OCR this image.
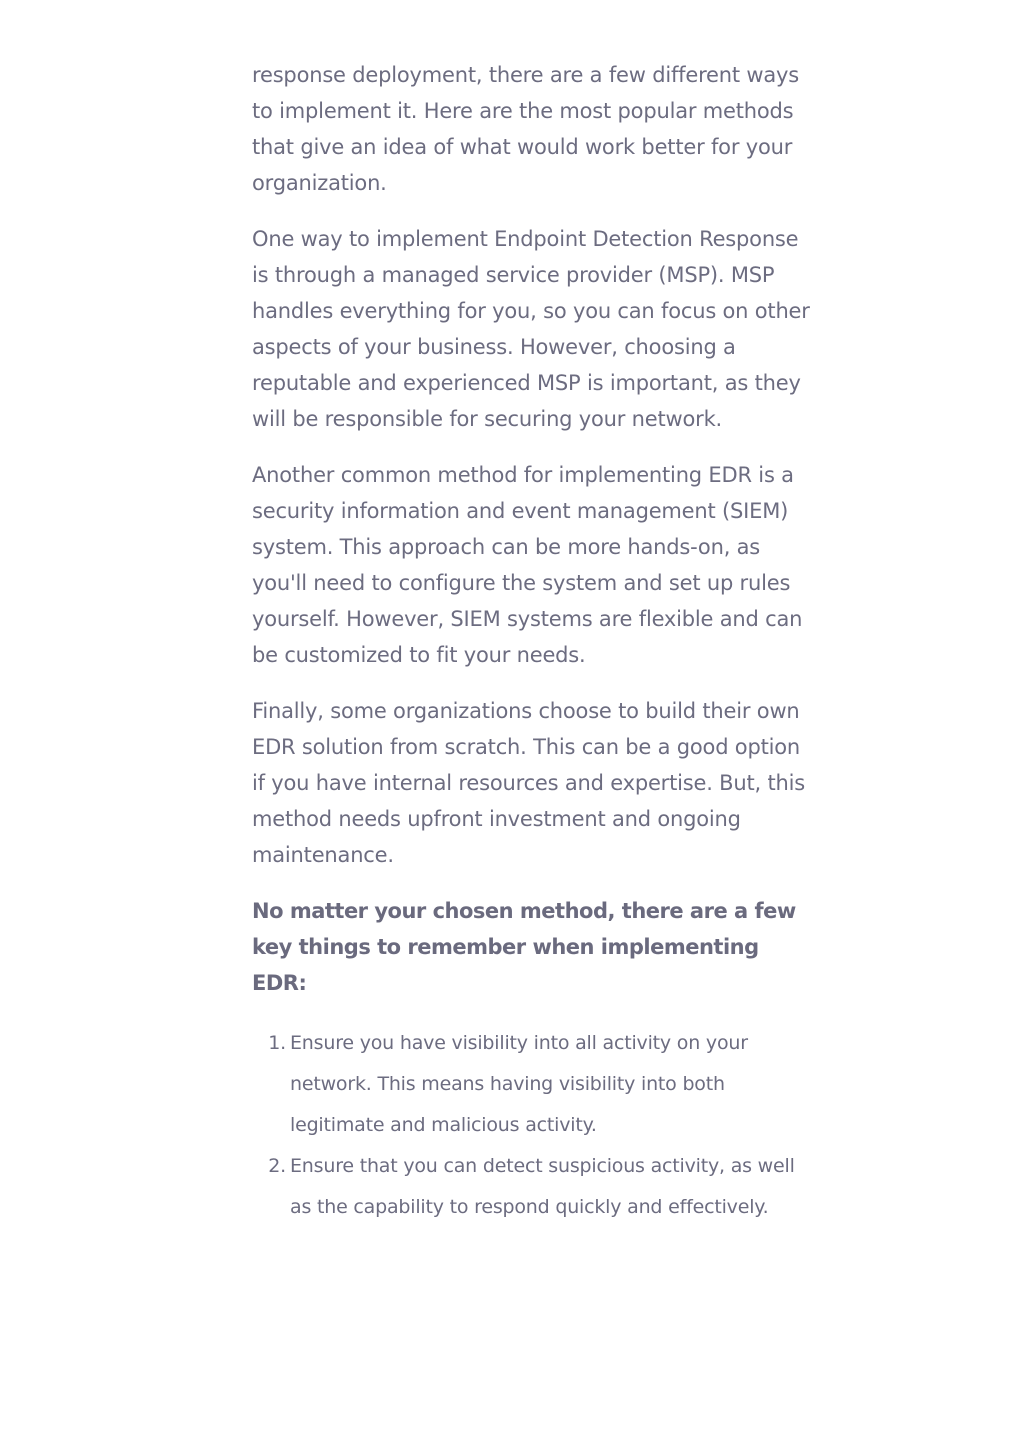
response deployment, there are a few different ways to implement it. Here are the most popular methods that give an idea of what would work better for your organization.

One way to implement Endpoint Detection Response is through a managed service provider (MSP). MSP handles everything for you, so you can focus on other aspects of your business. However, choosing a reputable and experienced MSP is important, as they will be responsible for securing your network.

Another common method for implementing EDR is a security information and event management (SIEM) system. This approach can be more hands-on, as you'll need to configure the system and set up rules yourself. However, SIEM systems are flexible and can be customized to fit your needs.

Finally, some organizations choose to build their own EDR solution from scratch. This can be a good option if you have internal resources and expertise. But, this method needs upfront investment and ongoing maintenance.

No matter your chosen method, there are a few key things to remember when implementing EDR:

1. Ensure you have visibility into all activity on your network. This means having visibility into both legitimate and malicious activity.
2. Ensure that you can detect suspicious activity, as well as the capability to respond quickly and effectively.
